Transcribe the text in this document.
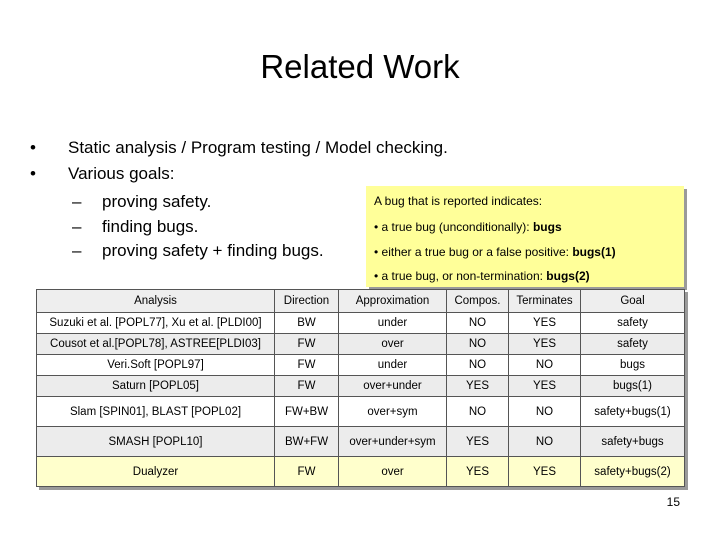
Related Work
•	Static analysis / Program testing / Model checking.
•	Various goals:
–	proving safety.
–	finding bugs.
–	proving safety + finding bugs.
A bug that is reported indicates:
• a true bug (unconditionally): bugs
• either a true bug or a false positive: bugs(1)
• a true bug, or non-termination: bugs(2)
Analysis	Direction	Approximation	Compos.	Terminates	Goal
Suzuki et al. [POPL77], Xu et al. [PLDI00]	BW	under	NO	YES	safety
Cousot et al.[POPL78], ASTREE[PLDI03]	FW	over	NO	YES	safety
Veri.Soft [POPL97]	FW	under	NO	NO	bugs
Saturn [POPL05]	FW	over+under	YES	YES	bugs(1)
Slam [SPIN01], BLAST [POPL02]	FW+BW	over+sym	NO	NO	safety+bugs(1)
SMASH [POPL10]	BW+FW	over+under+sym	YES	NO	safety+bugs
Dualyzer	FW	over	YES	YES	safety+bugs(2)
15
